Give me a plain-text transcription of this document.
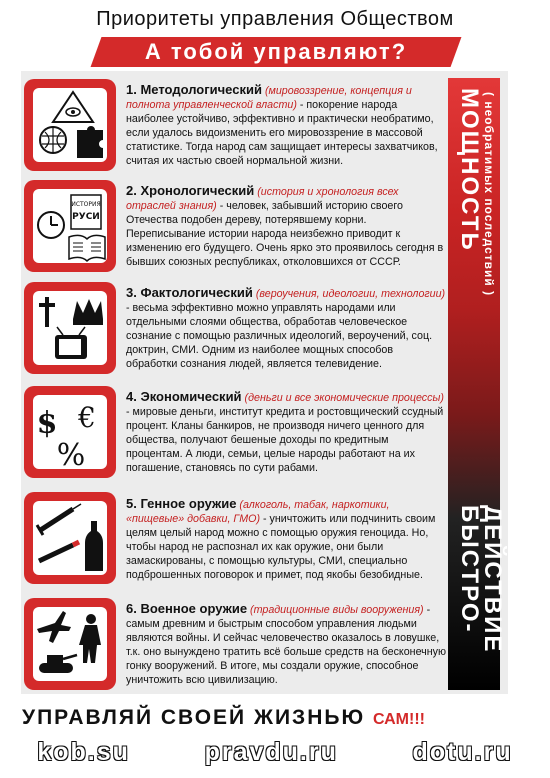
Приоритеты управления Обществом
А тобой управляют?
МОЩНОСТЬ ( необратимых последствий )
БЫСТРО-
ДЕЙСТВИЕ
1. Методологический (мировоззрение, концепция и полнота управленческой власти) - покорение народа наиболее устойчиво, эффективно и практически необратимо, если удалось видоизменить его мировоззрение в массовой статистике. Тогда народ сам защищает интересы захватчиков, считая их частью своей нормальной жизни.
ИСТОРИЯ
РУСИ
2. Хронологический (история и хронология всех отраслей знания) - человек, забывший историю своего Отечества подобен дереву, потерявшему корни. Переписывание истории народа неизбежно приводит к изменению его будущего. Очень ярко это проявилось сегодня в бывших союзных республиках, отколовшихся от СССР.
3. Фактологический (вероучения, идеологии, технологии) - весьма эффективно можно управлять народами или отдельными слоями общества, обработав человеческое сознание с помощью различных идеологий, вероучений, соц. доктрин, СМИ. Одним из наиболее мощных способов обработки сознания людей, является телевидение.
$ €
%
4. Экономический (деньги и все экономические процессы) - мировые деньги, институт кредита и ростовщический ссудный процент. Кланы банкиров, не производя ничего ценного для общества, получают бешеные доходы по кредитным процентам. А люди, семьи, целые народы работают на их погашение, становясь по сути рабами.
5. Генное оружие (алкоголь, табак, наркотики, «пищевые» добавки, ГМО) - уничтожить или подчинить своим целям целый народ можно с помощью оружия геноцида. Но, чтобы народ не распознал их как оружие, они были замаскированы, с помощью культуры, СМИ, специально подброшенных поговорок и примет, под якобы безобидные.
6. Военное оружие (традиционные виды вооружения) - самым древним и быстрым способом управления людьми являются войны. И сейчас человечество оказалось в ловушке, т.к. оно вынуждено тратить всё больше средств на бесконечную гонку вооружений. В итоге, мы создали оружие, способное уничтожить всю цивилизацию.
УПРАВЛЯЙ СВОЕЙ ЖИЗНЬЮ САМ!!!
kob.su	pravdu.ru	dotu.ru
